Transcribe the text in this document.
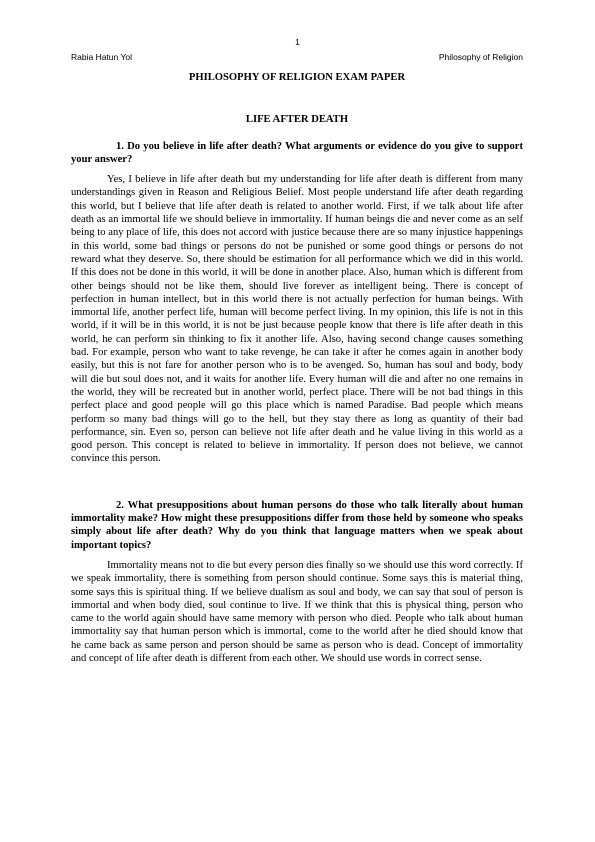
1
Rabia Hatun Yol	Philosophy of Religion

PHILOSOPHY OF RELIGION EXAM PAPER

LIFE AFTER DEATH

1. Do you believe in life after death? What arguments or evidence do you give to support your answer?

Yes, I believe in life after death but my understanding for life after death is different from many understandings given in Reason and Religious Belief. Most people understand life after death regarding this world, but I believe that life after death is related to another world. First, if we talk about life after death as an immortal life we should believe in immortality. If human beings die and never come as an self being to any place of life, this does not accord with justice because there are so many injustice happenings in this world, some bad things or persons do not be punished or some good things or persons do not reward what they deserve. So, there should be estimation for all performance which we did in this world. If this does not be done in this world, it will be done in another place. Also, human which is different from other beings should not be like them, should live forever as intelligent being. There is concept of perfection in human intellect, but in this world there is not actually perfection for human beings. With immortal life, another perfect life, human will become perfect living. In my opinion, this life is not in this world, if it will be in this world, it is not be just because people know that there is life after death in this world, he can perform sin thinking to fix it another life. Also, having second change causes something bad. For example, person who want to take revenge, he can take it after he comes again in another body easily, but this is not fare for another person who is to be avenged. So, human has soul and body, body will die but soul does not, and it waits for another life. Every human will die and after no one remains in the world, they will be recreated but in another world, perfect place. There will be not bad things in this perfect place and good people will go this place which is named Paradise. Bad people which means perform so many bad things will go to the hell, but they stay there as long as quantity of their bad performance, sin. Even so, person can believe not life after death and he value living in this world as a good person. This concept is related to believe in immortality. If person does not believe, we cannot convince this person.

2. What presuppositions about human persons do those who talk literally about human immortality make? How might these presuppositions differ from those held by someone who speaks simply about life after death? Why do you think that language matters when we speak about important topics?

Immortality means not to die but every person dies finally so we should use this word correctly. If we speak immortality, there is something from person should continue. Some says this is material thing, some says this is spiritual thing. If we believe dualism as soul and body, we can say that soul of person is immortal and when body died, soul continue to live. If we think that this is physical thing, person who came to the world again should have same memory with person who died. People who talk about human immortality say that human person which is immortal, come to the world after he died should know that he came back as same person and person should be same as person who is dead. Concept of immortality and concept of life after death is different from each other. We should use words in correct sense.
